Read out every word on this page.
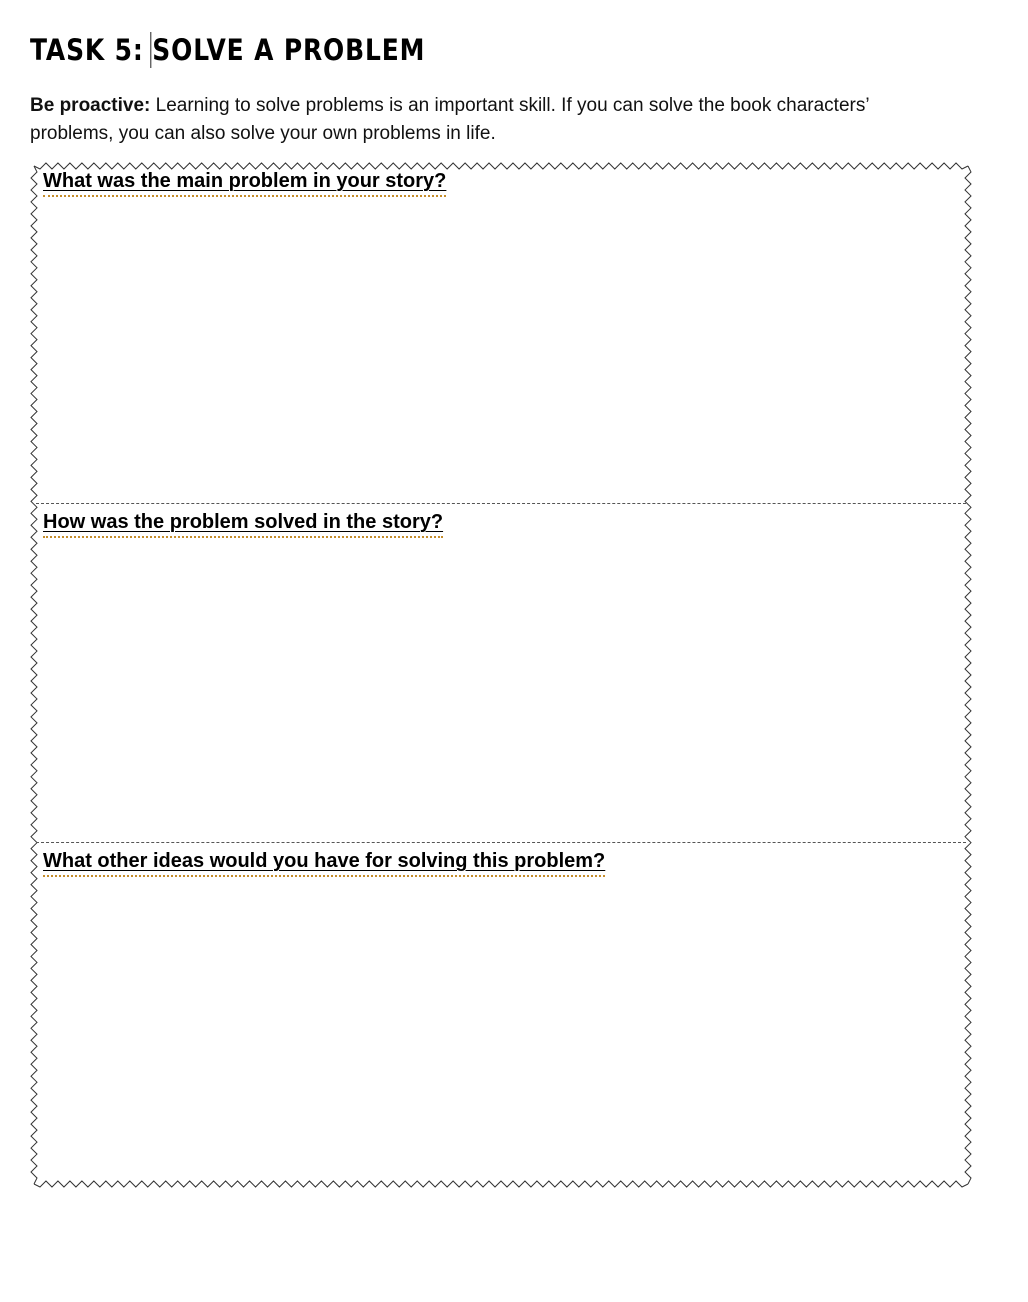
TASK 5: SOLVE A PROBLEM

Be proactive: Learning to solve problems is an important skill. If you can solve the book characters’ problems, you can also solve your own problems in life.

What was the main problem in your story?
How was the problem solved in the story?
What other ideas would you have for solving this problem?
